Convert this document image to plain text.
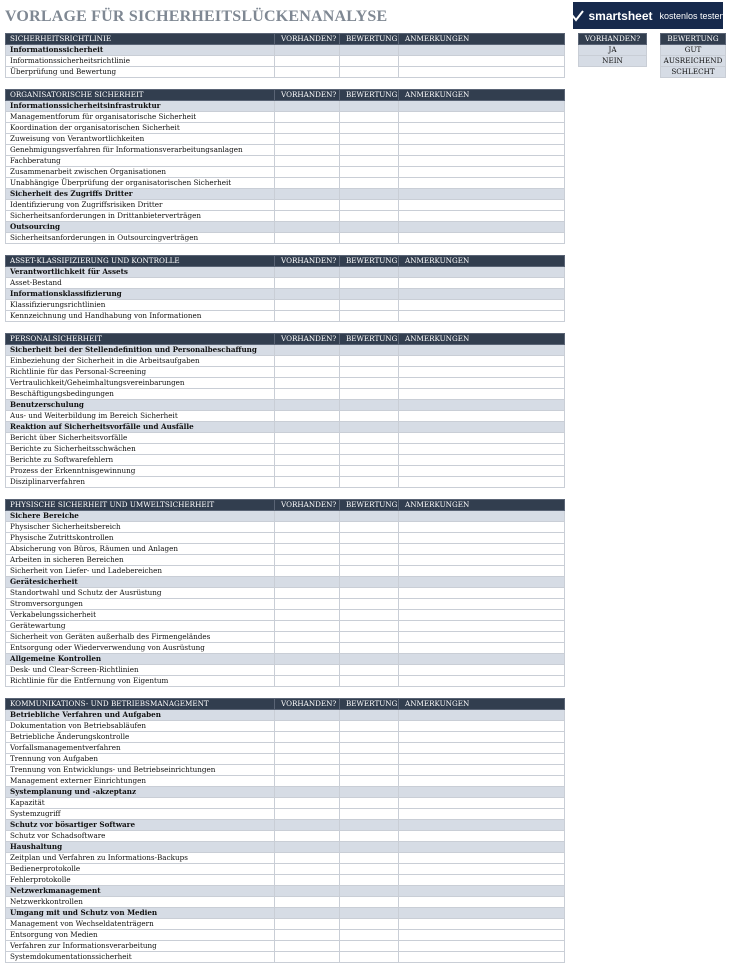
VORLAGE FÜR SICHERHEITSLÜCKENANALYSE	smartsheet kostenlos testen
SICHERHEITSRICHTLINIE	VORHANDEN?	BEWERTUNG	ANMERKUNGEN
Informationssicherheit			
Informationssicherheitsrichtlinie			
Überprüfung und Bewertung			
ORGANISATORISCHE SICHERHEIT	VORHANDEN?	BEWERTUNG	ANMERKUNGEN
Informationssicherheitsinfrastruktur			
Managementforum für organisatorische Sicherheit			
Koordination der organisatorischen Sicherheit			
Zuweisung von Verantwortlichkeiten			
Genehmigungsverfahren für Informationsverarbeitungsanlagen			
Fachberatung			
Zusammenarbeit zwischen Organisationen			
Unabhängige Überprüfung der organisatorischen Sicherheit			
Sicherheit des Zugriffs Dritter			
Identifizierung von Zugriffsrisiken Dritter			
Sicherheitsanforderungen in Drittanbieterverträgen			
Outsourcing			
Sicherheitsanforderungen in Outsourcingverträgen			
ASSET-KLASSIFIZIERUNG UND KONTROLLE	VORHANDEN?	BEWERTUNG	ANMERKUNGEN
Verantwortlichkeit für Assets			
Asset-Bestand			
Informationsklassifizierung			
Klassifizierungsrichtlinien			
Kennzeichnung und Handhabung von Informationen			
PERSONALSICHERHEIT	VORHANDEN?	BEWERTUNG	ANMERKUNGEN
Sicherheit bei der Stellendefinition und Personalbeschaffung			
Einbeziehung der Sicherheit in die Arbeitsaufgaben			
Richtlinie für das Personal-Screening			
Vertraulichkeit/Geheimhaltungsvereinbarungen			
Beschäftigungsbedingungen			
Benutzerschulung			
Aus- und Weiterbildung im Bereich Sicherheit			
Reaktion auf Sicherheitsvorfälle und Ausfälle			
Bericht über Sicherheitsvorfälle			
Berichte zu Sicherheitsschwächen			
Berichte zu Softwarefehlern			
Prozess der Erkenntnisgewinnung			
Disziplinarverfahren			
PHYSISCHE SICHERHEIT UND UMWELTSICHERHEIT	VORHANDEN?	BEWERTUNG	ANMERKUNGEN
Sichere Bereiche			
Physischer Sicherheitsbereich			
Physische Zutrittskontrollen			
Absicherung von Büros, Räumen und Anlagen			
Arbeiten in sicheren Bereichen			
Sicherheit von Liefer- und Ladebereichen			
Gerätesicherheit			
Standortwahl und Schutz der Ausrüstung			
Stromversorgungen			
Verkabelungssicherheit			
Gerätewartung			
Sicherheit von Geräten außerhalb des Firmengeländes			
Entsorgung oder Wiederverwendung von Ausrüstung			
Allgemeine Kontrollen			
Desk- und Clear-Screen-Richtlinien			
Richtlinie für die Entfernung von Eigentum			
KOMMUNIKATIONS- UND BETRIEBSMANAGEMENT	VORHANDEN?	BEWERTUNG	ANMERKUNGEN
Betriebliche Verfahren und Aufgaben			
Dokumentation von Betriebsabläufen			
Betriebliche Änderungskontrolle			
Vorfallsmanagementverfahren			
Trennung von Aufgaben			
Trennung von Entwicklungs- und Betriebseinrichtungen			
Management externer Einrichtungen			
Systemplanung und -akzeptanz			
Kapazität			
Systemzugriff			
Schutz vor bösartiger Software			
Schutz vor Schadsoftware			
Haushaltung			
Zeitplan und Verfahren zu Informations-Backups			
Bedienerprotokolle			
Fehlerprotokolle			
Netzwerkmanagement			
Netzwerkkontrollen			
Umgang mit und Schutz von Medien			
Management von Wechseldatenträgern			
Entsorgung von Medien			
Verfahren zur Informationsverarbeitung			
Systemdokumentationssicherheit			
VORHANDEN?
JA
NEIN
BEWERTUNG
GUT
AUSREICHEND
SCHLECHT
